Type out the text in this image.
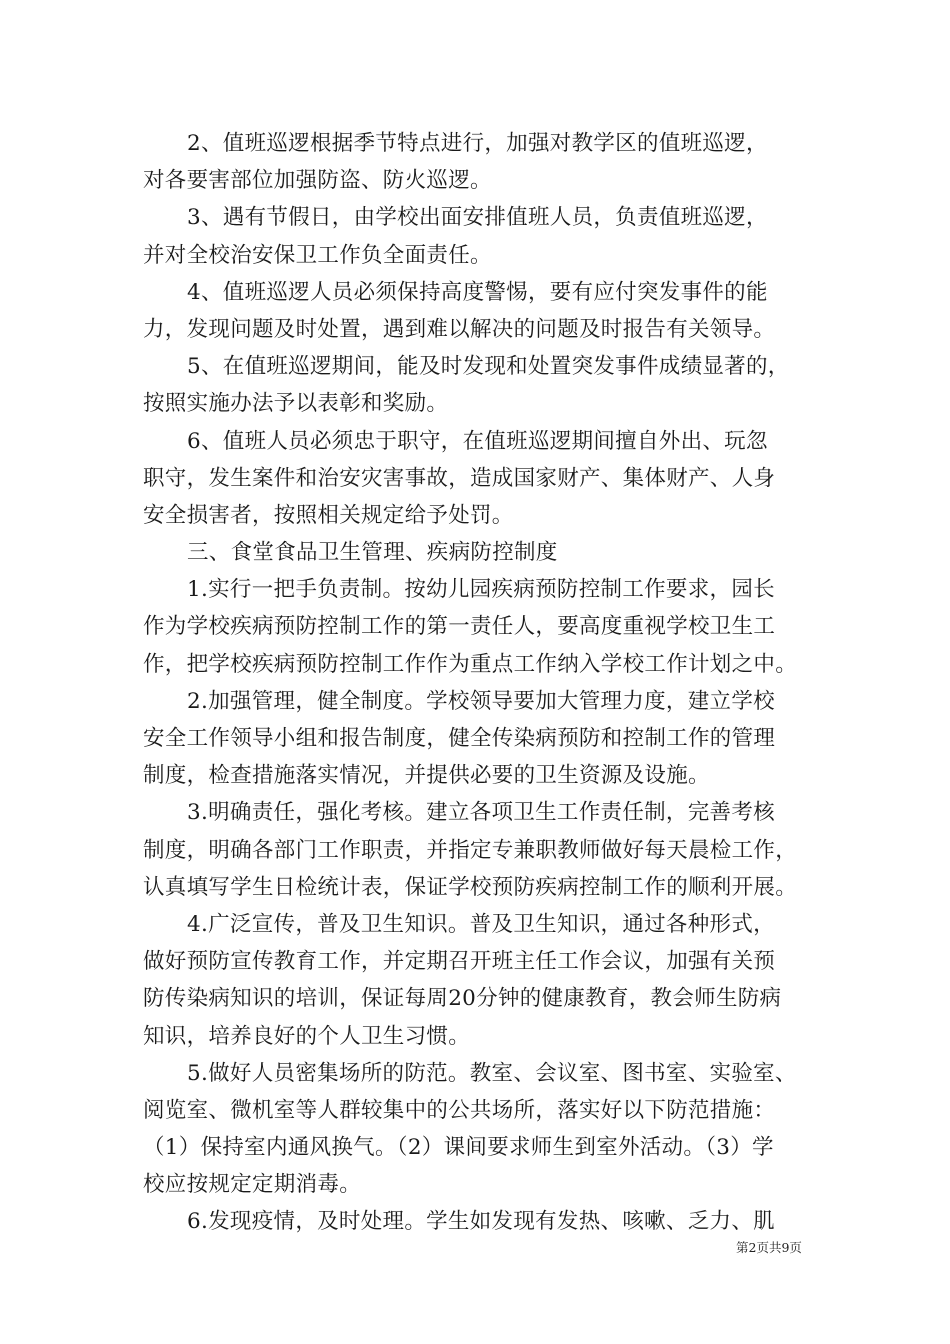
2、值班巡逻根据季节特点进行，加强对教学区的值班巡逻，
对各要害部位加强防盗、防火巡逻。
3、遇有节假日，由学校出面安排值班人员，负责值班巡逻，
并对全校治安保卫工作负全面责任。
4、值班巡逻人员必须保持高度警惕，要有应付突发事件的能
力，发现问题及时处置，遇到难以解决的问题及时报告有关领导。
5、在值班巡逻期间，能及时发现和处置突发事件成绩显著的，
按照实施办法予以表彰和奖励。
6、值班人员必须忠于职守，在值班巡逻期间擅自外出、玩忽
职守，发生案件和治安灾害事故，造成国家财产、集体财产、人身
安全损害者，按照相关规定给予处罚。
三、食堂食品卫生管理、疾病防控制度
1.实行一把手负责制。按幼儿园疾病预防控制工作要求，园长
作为学校疾病预防控制工作的第一责任人，要高度重视学校卫生工
作，把学校疾病预防控制工作作为重点工作纳入学校工作计划之中。
2.加强管理，健全制度。学校领导要加大管理力度，建立学校
安全工作领导小组和报告制度，健全传染病预防和控制工作的管理
制度，检查措施落实情况，并提供必要的卫生资源及设施。
3.明确责任，强化考核。建立各项卫生工作责任制，完善考核
制度，明确各部门工作职责，并指定专兼职教师做好每天晨检工作，
认真填写学生日检统计表，保证学校预防疾病控制工作的顺利开展。
4.广泛宣传，普及卫生知识。普及卫生知识，通过各种形式，
做好预防宣传教育工作，并定期召开班主任工作会议，加强有关预
防传染病知识的培训，保证每周20分钟的健康教育，教会师生防病
知识，培养良好的个人卫生习惯。
5.做好人员密集场所的防范。教室、会议室、图书室、实验室、
阅览室、微机室等人群较集中的公共场所，落实好以下防范措施：
（1）保持室内通风换气。（2）课间要求师生到室外活动。（3）学
校应按规定定期消毒。
6.发现疫情，及时处理。学生如发现有发热、咳嗽、乏力、肌
第2页共9页
